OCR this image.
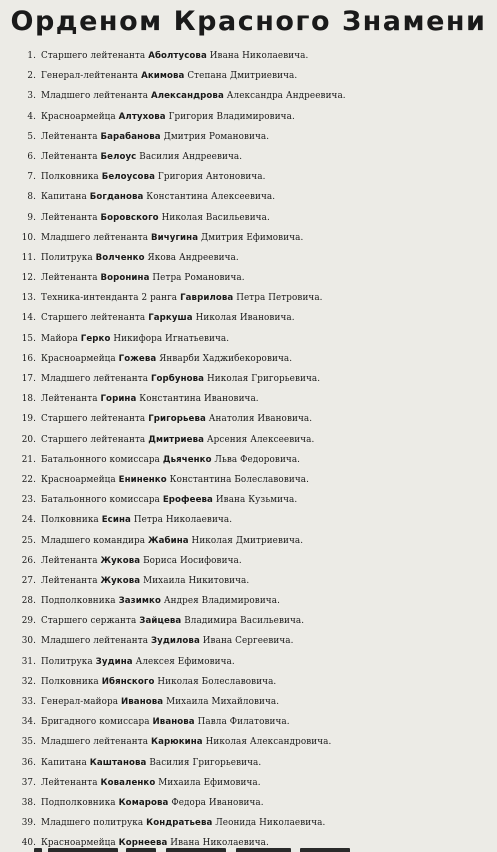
Орденом Красного Знамени
1. Старшего лейтенанта Аболтусова Ивана Николаевича.
2. Генерал-лейтенанта Акимова Степана Дмитриевича.
3. Младшего лейтенанта Александрова Александра Андреевича.
4. Красноармейца Алтухова Григория Владимировича.
5. Лейтенанта Барабанова Дмитрия Романовича.
6. Лейтенанта Белоус Василия Андреевича.
7. Полковника Белоусова Григория Антоновича.
8. Капитана Богданова Константина Алексеевича.
9. Лейтенанта Боровского Николая Васильевича.
10. Младшего лейтенанта Вичугина Дмитрия Ефимовича.
11. Политрука Волченко Якова Андреевича.
12. Лейтенанта Воронина Петра Романовича.
13. Техника-интенданта 2 ранга Гаврилова Петра Петровича.
14. Старшего лейтенанта Гаркуша Николая Ивановича.
15. Майора Герко Никифора Игнатьевича.
16. Красноармейца Гожева Январби Хаджибекоровича.
17. Младшего лейтенанта Горбунова Николая Григорьевича.
18. Лейтенанта Горина Константина Ивановича.
19. Старшего лейтенанта Григорьева Анатолия Ивановича.
20. Старшего лейтенанта Дмитриева Арсения Алексеевича.
21. Батальонного комиссара Дьяченко Льва Федоровича.
22. Красноармейца Ениненко Константина Болеславовича.
23. Батальонного комиссара Ерофеева Ивана Кузьмича.
24. Полковника Есина Петра Николаевича.
25. Младшего командира Жабина Николая Дмитриевича.
26. Лейтенанта Жукова Бориса Иосифовича.
27. Лейтенанта Жукова Михаила Никитовича.
28. Подполковника Зазимко Андрея Владимировича.
29. Старшего сержанта Зайцева Владимира Васильевича.
30. Младшего лейтенанта Зудилова Ивана Сергеевича.
31. Политрука Зудина Алексея Ефимовича.
32. Полковника Ибянского Николая Болеславовича.
33. Генерал-майора Иванова Михаила Михайловича.
34. Бригадного комиссара Иванова Павла Филатовича.
35. Младшего лейтенанта Карюкина Николая Александровича.
36. Капитана Каштанова Василия Григорьевича.
37. Лейтенанта Коваленко Михаила Ефимовича.
38. Подполковника Комарова Федора Ивановича.
39. Младшего политрука Кондратьева Леонида Николаевича.
40. Красноармейца Корнеева Ивана Николаевича.
